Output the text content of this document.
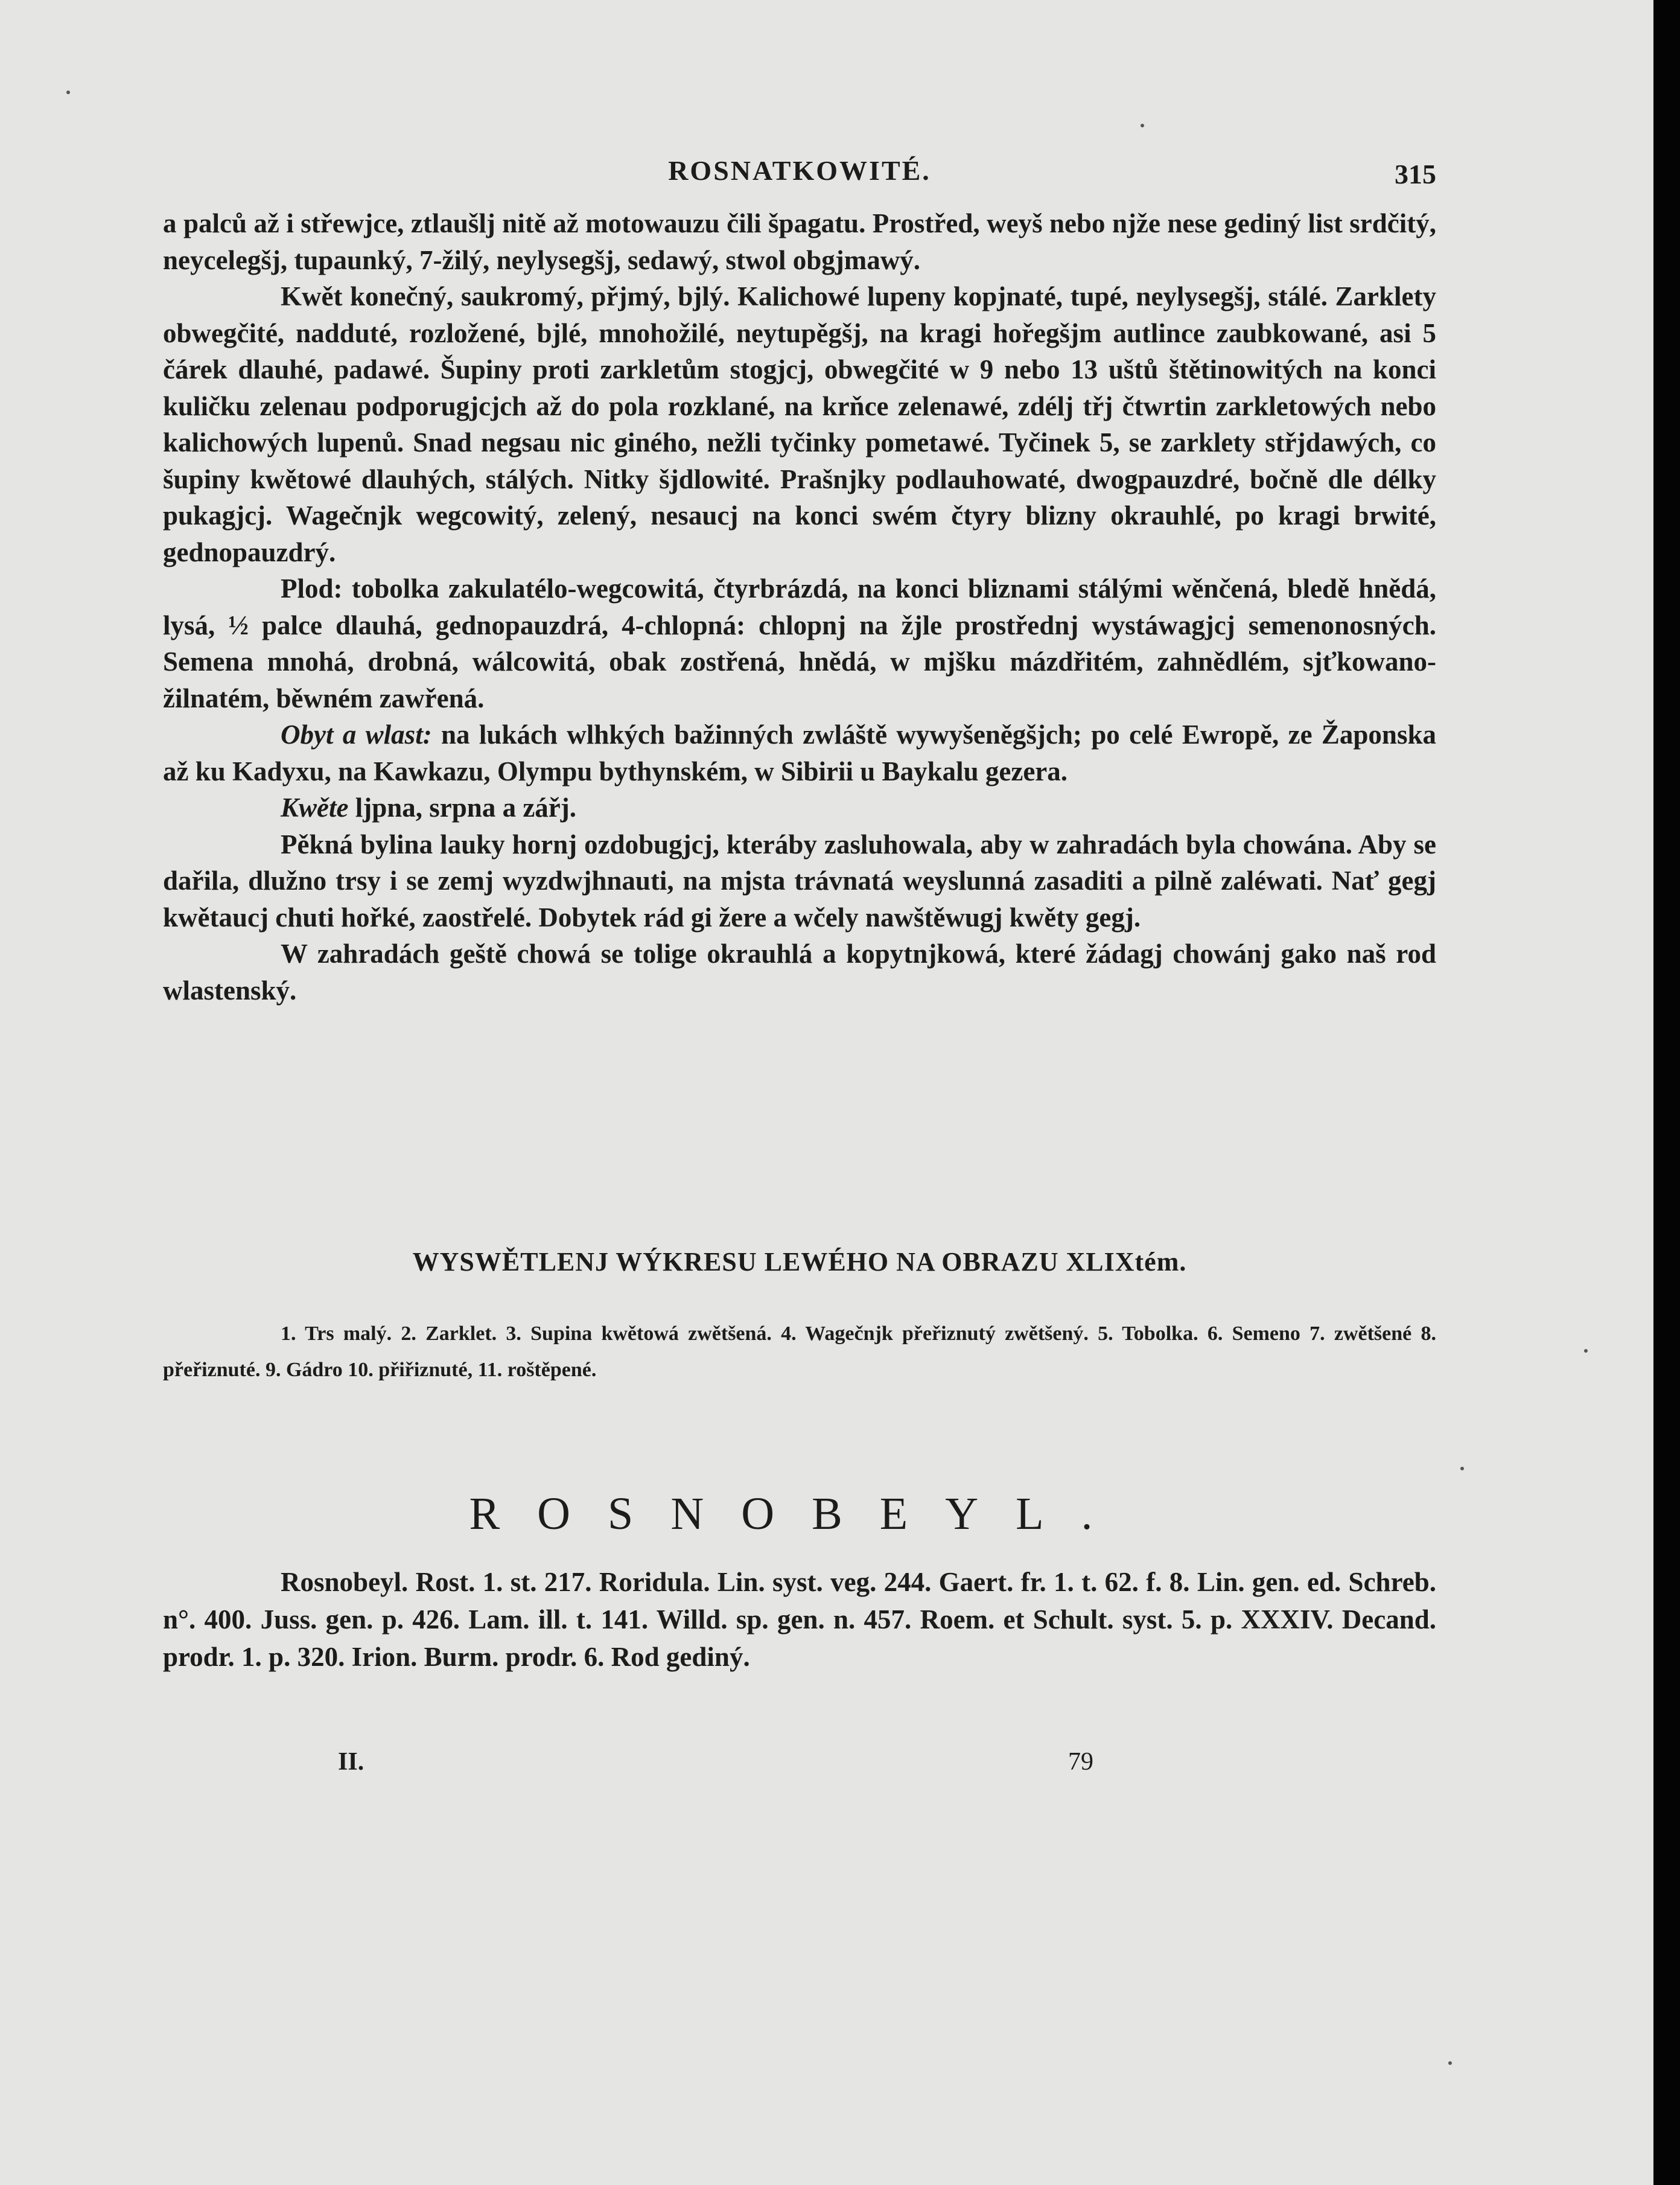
ROSNATKOWITÉ.	315

a palců až i střewjce, ztlaušlj nitě až motowauzu čili špagatu. Prostřed, weyš nebo njže nese gediný list srdčitý, neycelegšj, tupaunký, 7-žilý, neylysegšj, sedawý, stwol obgjmawý.

Kwět konečný, saukromý, přjmý, bjlý. Kalichowé lupeny kopjnaté, tupé, neylysegšj, stálé. Zarklety obwegčité, nadduté, rozložené, bjlé, mnohožilé, neytupěgšj, na kragi hořegšjm autlince zaubkowané, asi 5 čárek dlauhé, padawé. Šupiny proti zarkletům stogjcj, obwegčité w 9 nebo 13 uštů štětinowitých na konci kuličku zelenau podporugjcjch až do pola rozklané, na krňce zelenawé, zdélj třj čtwrtin zarkletowých nebo kalichowých lupenů. Snad negsau nic giného, nežli tyčinky pometawé. Tyčinek 5, se zarklety střjdawých, co šupiny kwětowé dlauhých, stálých. Nitky šjdlowité. Prašnjky podlauhowaté, dwogpauzdré, bočně dle délky pukagjcj. Wagečnjk wegcowitý, zelený, nesaucj na konci swém čtyry blizny okrauhlé, po kragi brwité, gednopauzdrý.

Plod: tobolka zakulatélo-wegcowitá, čtyrbrázdá, na konci bliznami stálými wěnčená, bledě hnědá, lysá, ½ palce dlauhá, gednopauzdrá, 4-chlopná: chlopnj na žjle prostřednj wystáwagjcj semenonosných. Semena mnohá, drobná, wálcowitá, obak zostřená, hnědá, w mjšku mázdřitém, zahnědlém, sjťkowano-žilnatém, běwném zawřená.

Obyt a wlast: na lukách wlhkých bažinných zwláště wywyšeněgšjch; po celé Ewropě, ze Žaponska až ku Kadyxu, na Kawkazu, Olympu bythynském, w Sibirii u Baykalu gezera.

Kwěte ljpna, srpna a zářj.

Pěkná bylina lauky hornj ozdobugjcj, kteráby zasluhowala, aby w zahradách byla chowána. Aby se dařila, dlužno trsy i se zemj wyzdwjhnauti, na mjsta trávnatá weyslunná zasaditi a pilně zaléwati. Nať gegj kwětaucj chuti hořké, zaostřelé. Dobytek rád gi žere a wčely nawštěwugj kwěty gegj.

W zahradách geště chowá se tolige okrauhlá a kopytnjkowá, které žádagj chowánj gako naš rod wlastenský.

WYSWĚTLENJ WÝKRESU LEWÉHO NA OBRAZU XLIXtém.

1. Trs malý. 2. Zarklet. 3. Supina kwětowá zwětšená. 4. Wagečnjk přeřiznutý zwětšený. 5. Tobolka. 6. Semeno 7. zwětšené 8. přeřiznuté. 9. Gádro 10. přiřiznuté, 11. roštěpené.

ROSNOBEYL.

Rosnobeyl. Rost. 1. st. 217. Roridula. Lin. syst. veg. 244. Gaert. fr. 1. t. 62. f. 8. Lin. gen. ed. Schreb. n°. 400. Juss. gen. p. 426. Lam. ill. t. 141. Willd. sp. gen. n. 457. Roem. et Schult. syst. 5. p. XXXIV. Decand. prodr. 1. p. 320. Irion. Burm. prodr. 6. Rod gediný.

II.	79
